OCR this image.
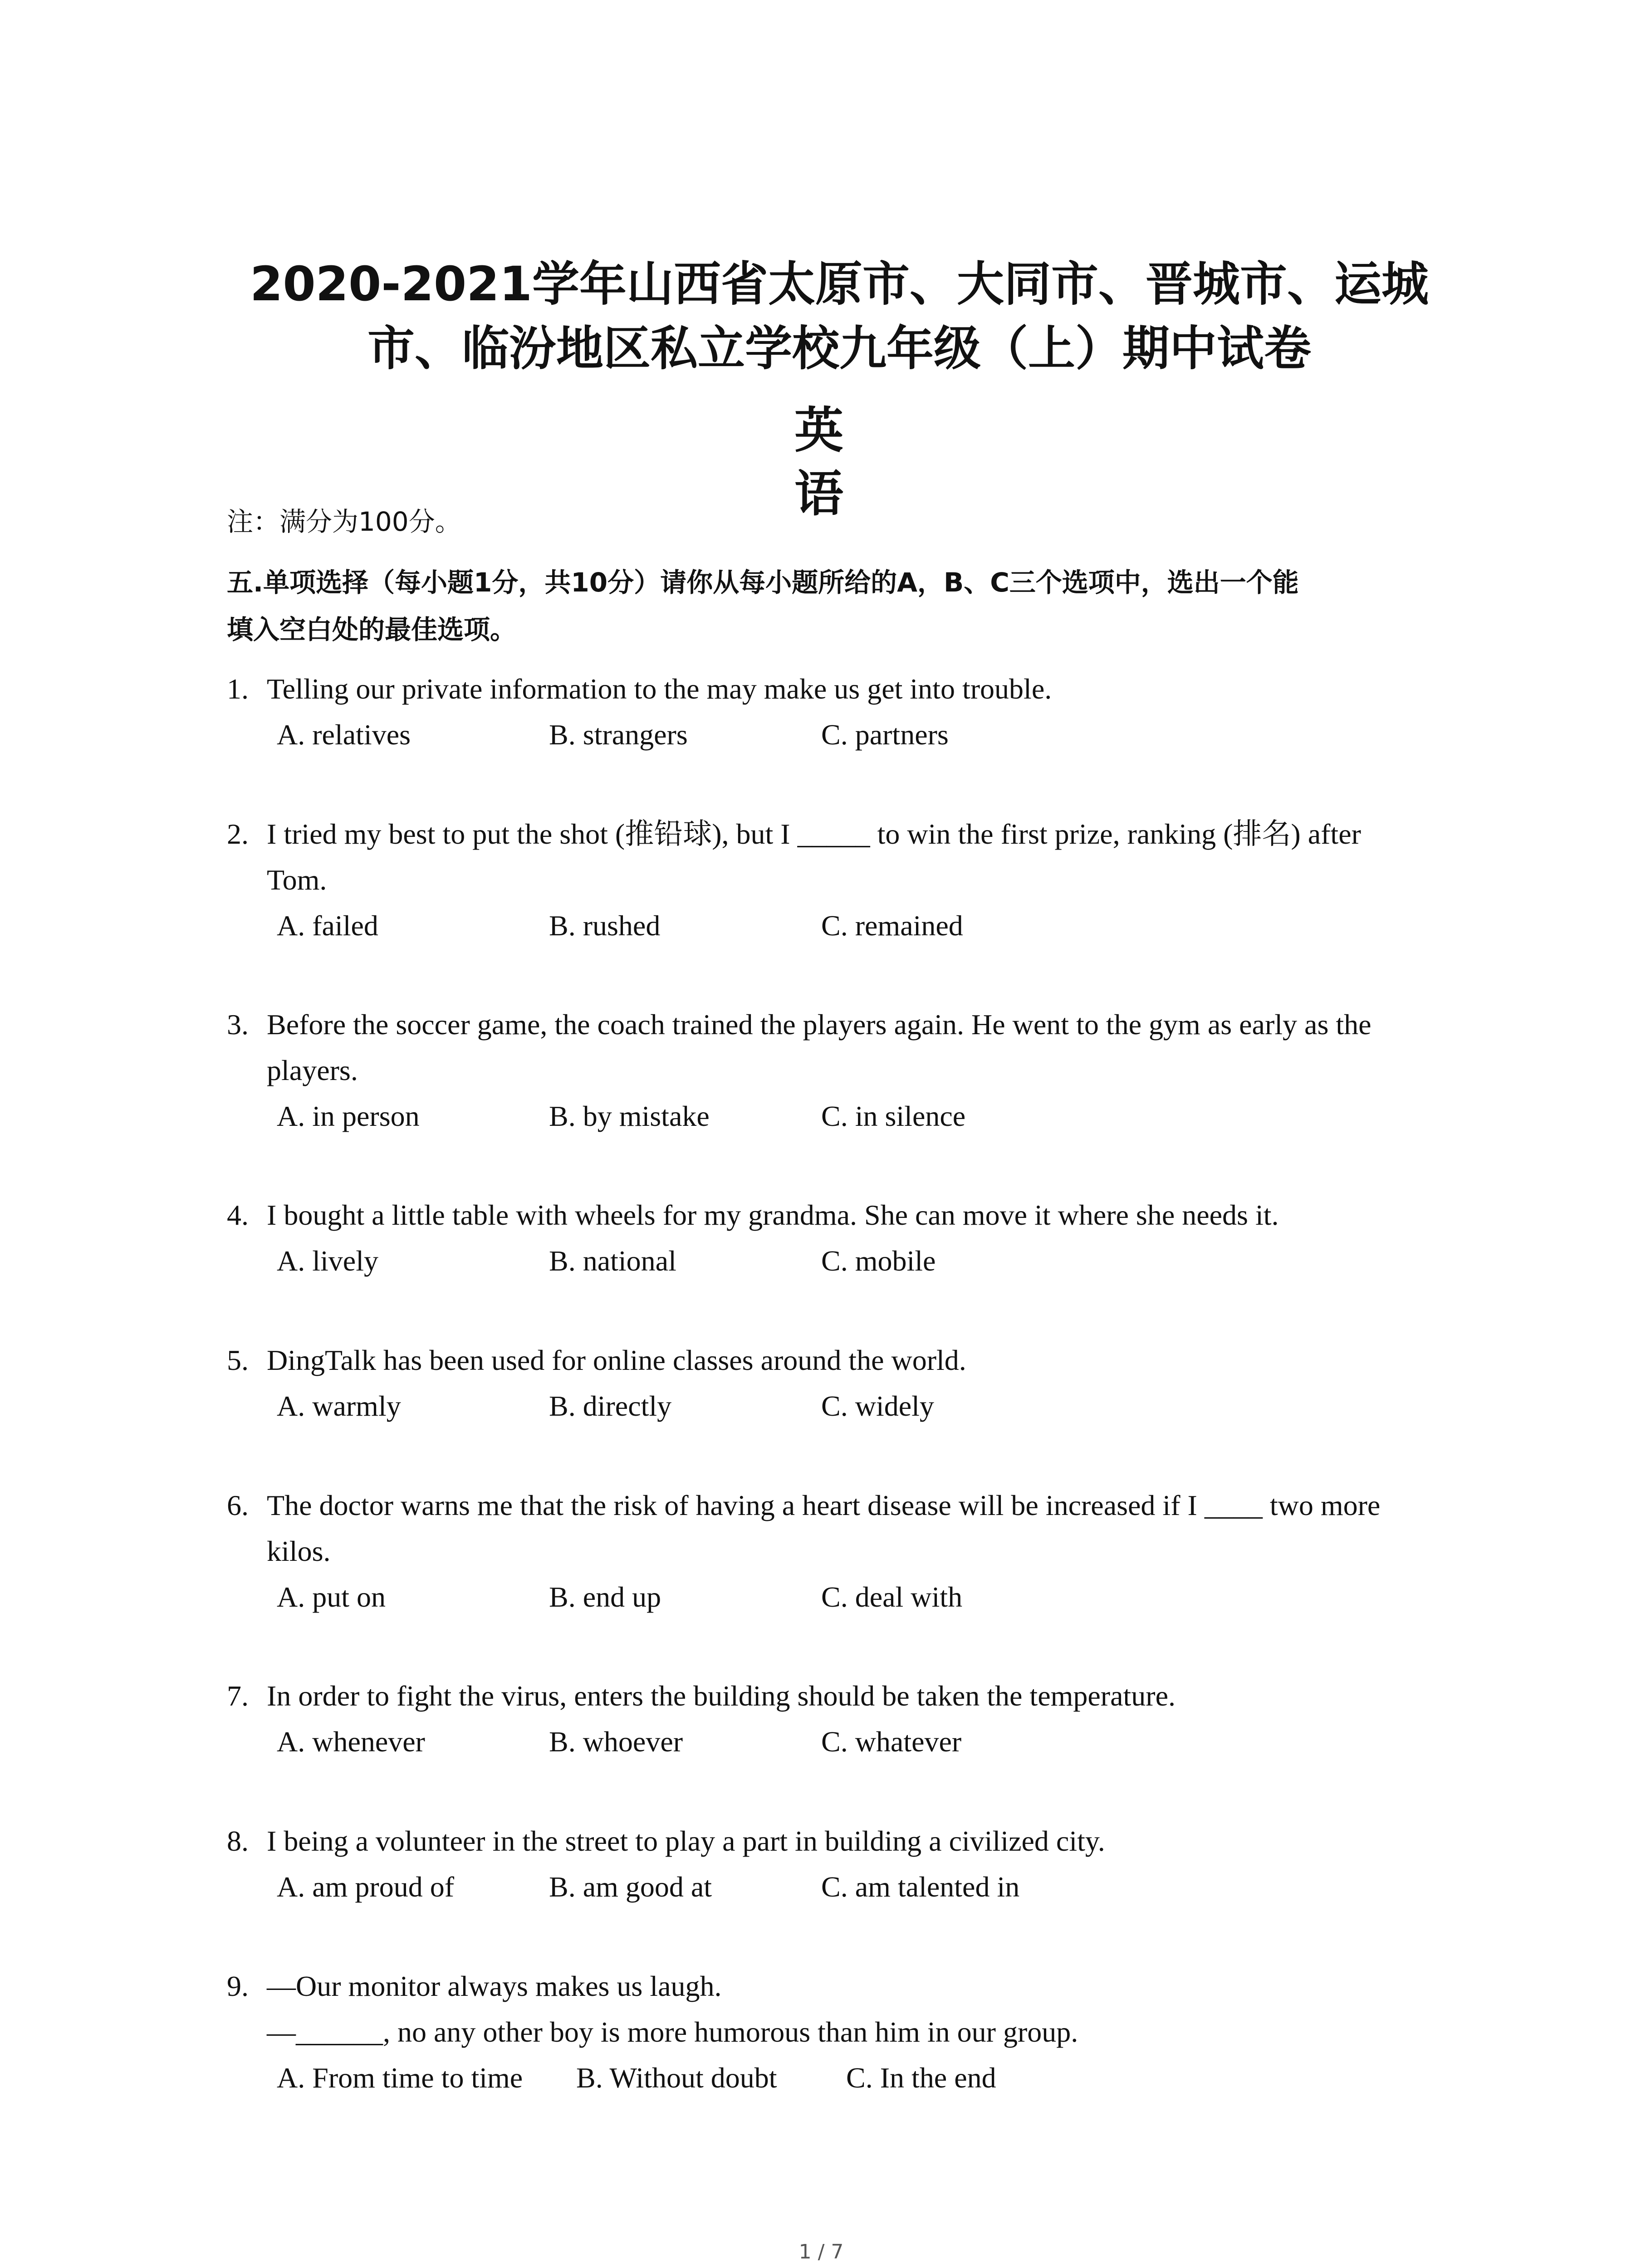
2020-2021学年山西省太原市、大同市、晋城市、运城
市、临汾地区私立学校九年级（上）期中试卷
英语
注：满分为100分。
五.单项选择（每小题1分，共10分）请你从每小题所给的A，B、C三个选项中，选出一个能
填入空白处的最佳选项。
1. Telling our private information to the may make us get into trouble.
A. relatives	B. strangers	C. partners
2. I tried my best to put the shot (推铅球), but I _____ to win the first prize, ranking (排名) after
Tom.
A. failed	B. rushed	C. remained
3. Before the soccer game, the coach trained the players again. He went to the gym as early as the
players.
A. in person	B. by mistake	C. in silence
4. I bought a little table with wheels for my grandma. She can move it where she needs it.
A. lively	B. national	C. mobile
5. DingTalk has been used for online classes around the world.
A. warmly	B. directly	C. widely
6. The doctor warns me that the risk of having a heart disease will be increased if I ____ two more
kilos.
A. put on	B. end up	C. deal with
7. In order to fight the virus, enters the building should be taken the temperature.
A. whenever	B. whoever	C. whatever
8. I being a volunteer in the street to play a part in building a civilized city.
A. am proud of	B. am good at	C. am talented in
9. —Our monitor always makes us laugh.
—______, no any other boy is more humorous than him in our group.
A. From time to time B. Without doubt C. In the end
1 / 7
